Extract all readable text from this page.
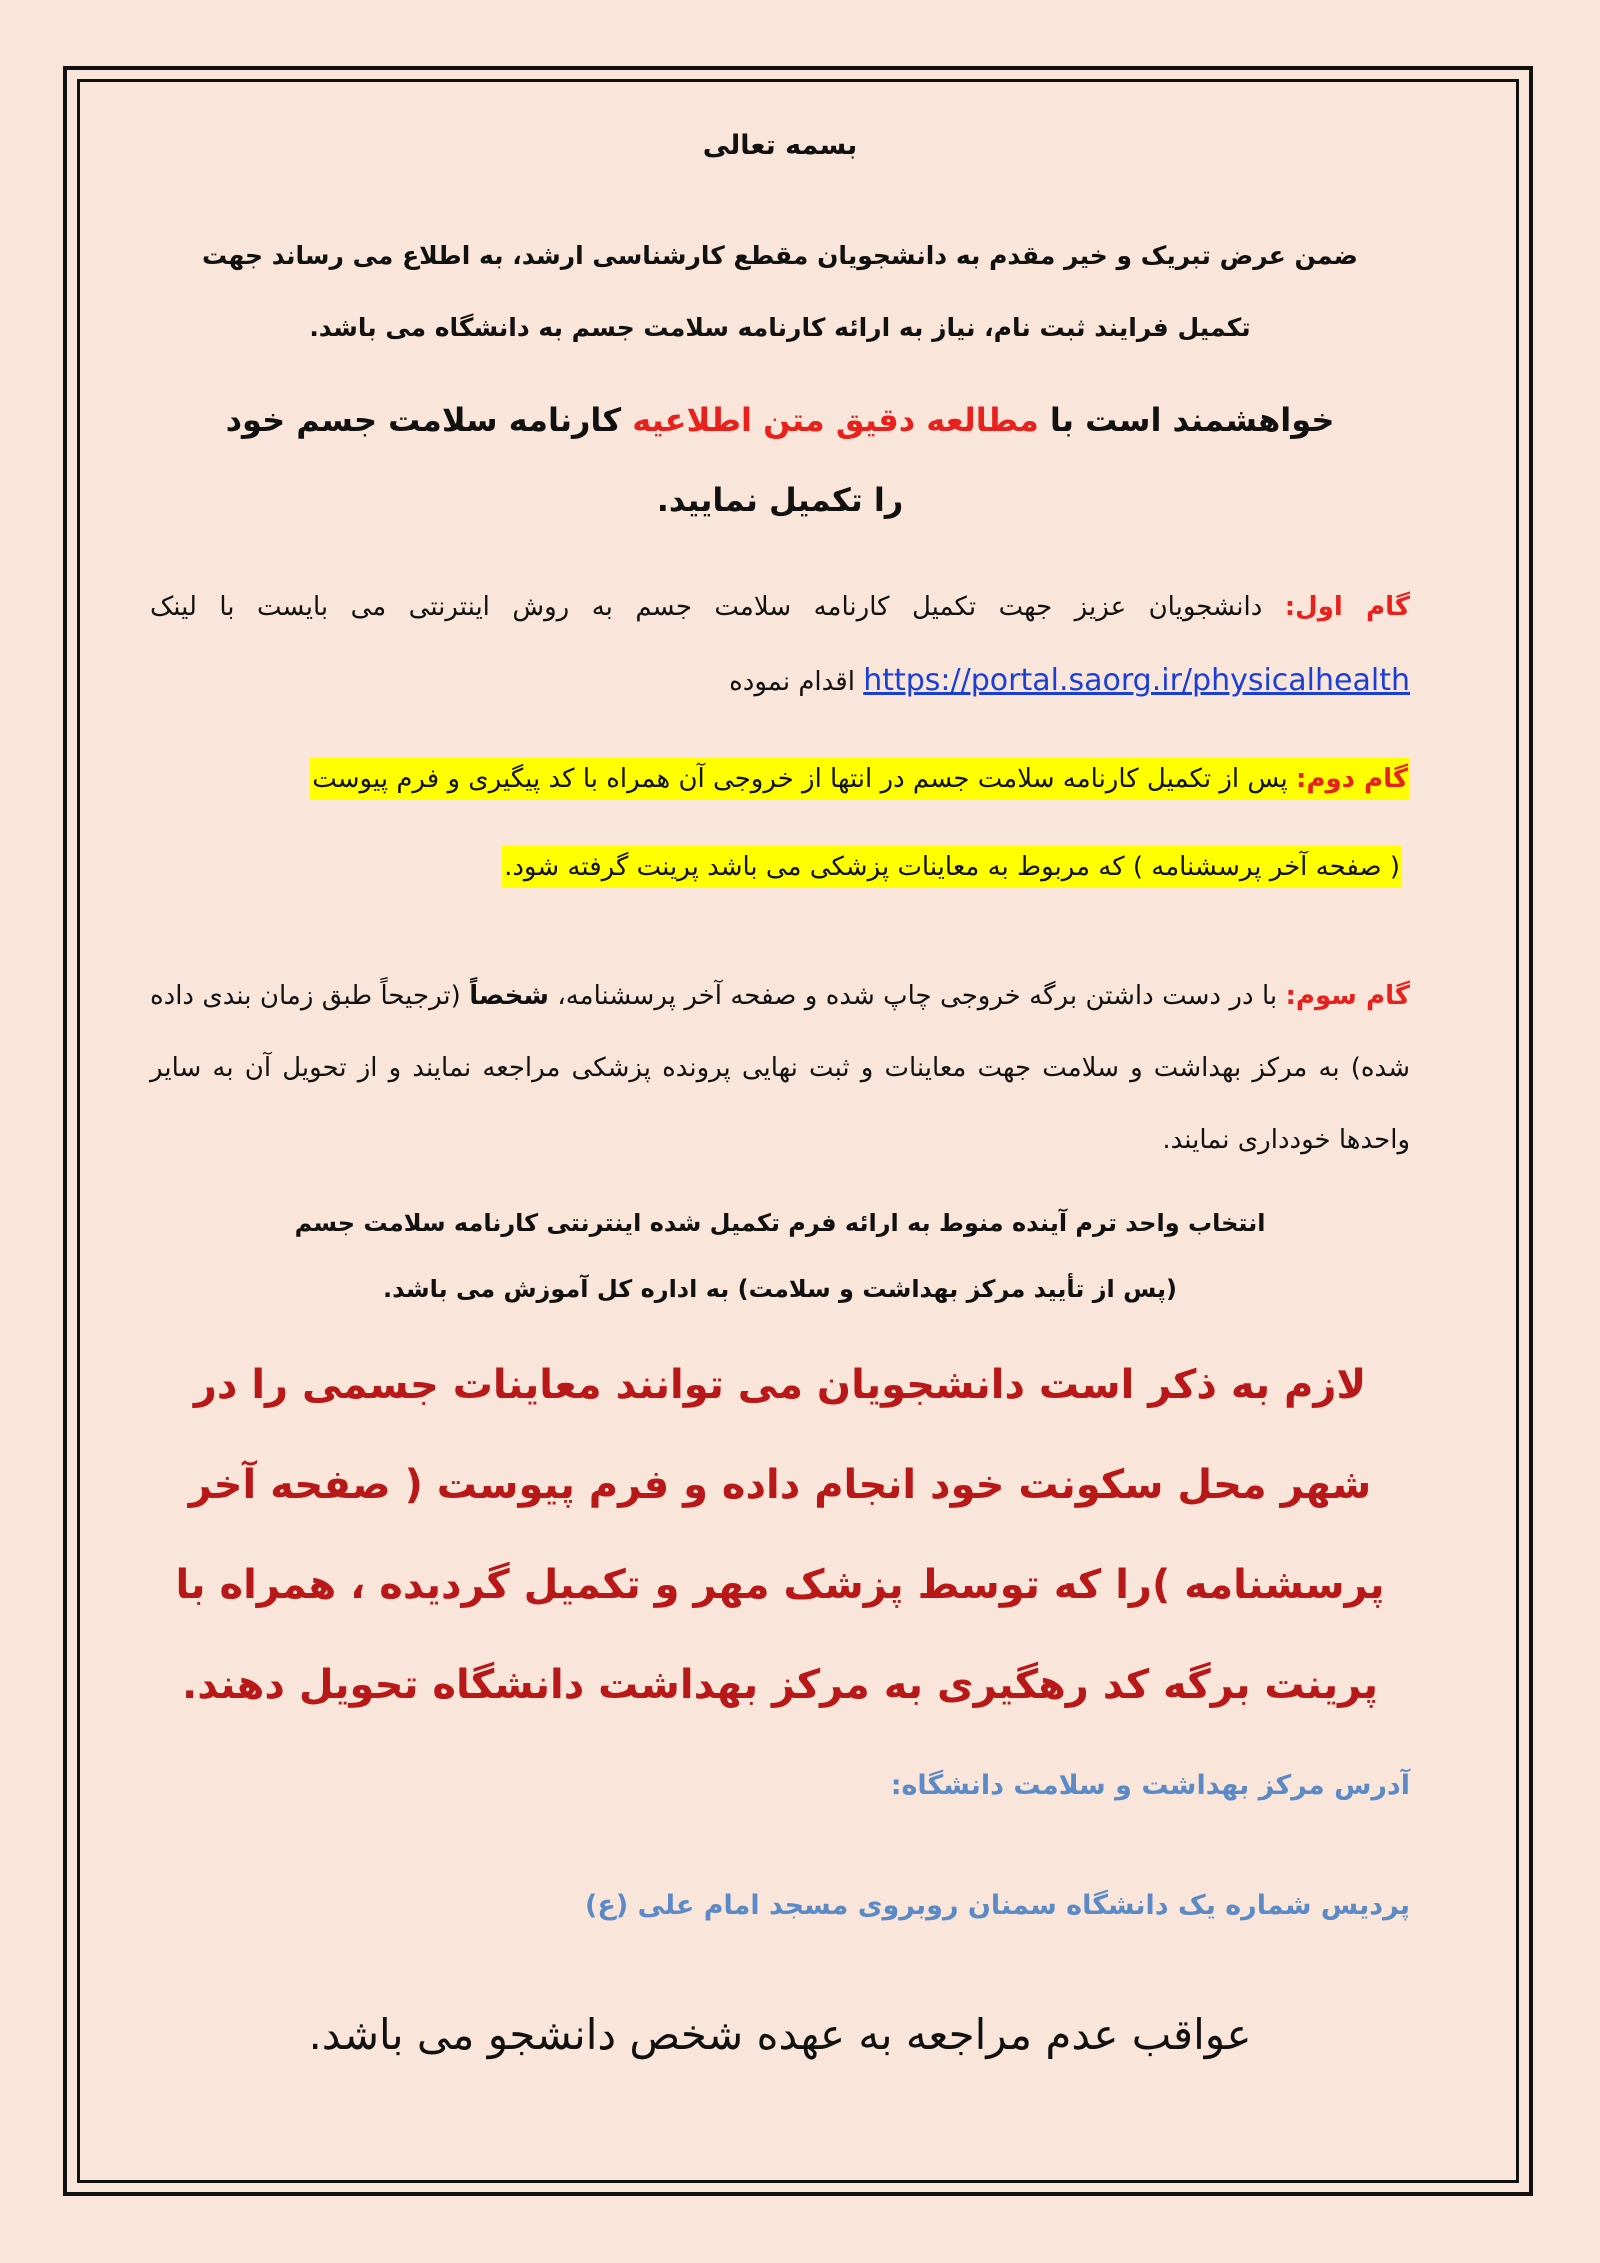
بسمه تعالی
ضمن عرض تبریک و خیر مقدم به دانشجویان مقطع کارشناسی ارشد، به اطلاع می رساند جهت تکمیل فرایند ثبت نام، نیاز به ارائه کارنامه سلامت جسم به دانشگاه می باشد.
خواهشمند است با مطالعه دقیق متن اطلاعیه کارنامه سلامت جسم خود را تکمیل نمایید.
گام اول: دانشجویان عزیز جهت تکمیل کارنامه سلامت جسم به روش اینترنتی می بایست با لینک https://portal.saorg.ir/physicalhealth اقدام نموده
گام دوم: پس از تکمیل کارنامه سلامت جسم در انتها از خروجی آن همراه با کد پیگیری و فرم پیوست
( صفحه آخر پرسشنامه ) که مربوط به معاینات پزشکی می باشد پرینت گرفته شود.
گام سوم: با در دست داشتن برگه خروجی چاپ شده و صفحه آخر پرسشنامه، شخصاً (ترجیحاً طبق زمان بندی داده شده) به مرکز بهداشت و سلامت جهت معاینات و ثبت نهایی پرونده پزشکی مراجعه نمایند و از تحویل آن به سایر واحدها خودداری نمایند.
انتخاب واحد ترم آینده منوط به ارائه فرم تکمیل شده اینترنتی کارنامه سلامت جسم (پس از تأیید مرکز بهداشت و سلامت) به اداره کل آموزش می باشد.
لازم به ذکر است دانشجویان می توانند معاینات جسمی را در شهر محل سکونت خود انجام داده و فرم پیوست ( صفحه آخر پرسشنامه )را که توسط پزشک مهر و تکمیل گردیده ، همراه با پرینت برگه کد رهگیری به مرکز بهداشت دانشگاه تحویل دهند.
آدرس مرکز بهداشت و سلامت دانشگاه:
پردیس شماره یک دانشگاه سمنان روبروی مسجد امام علی (ع)
عواقب عدم مراجعه به عهده شخص دانشجو می باشد.
